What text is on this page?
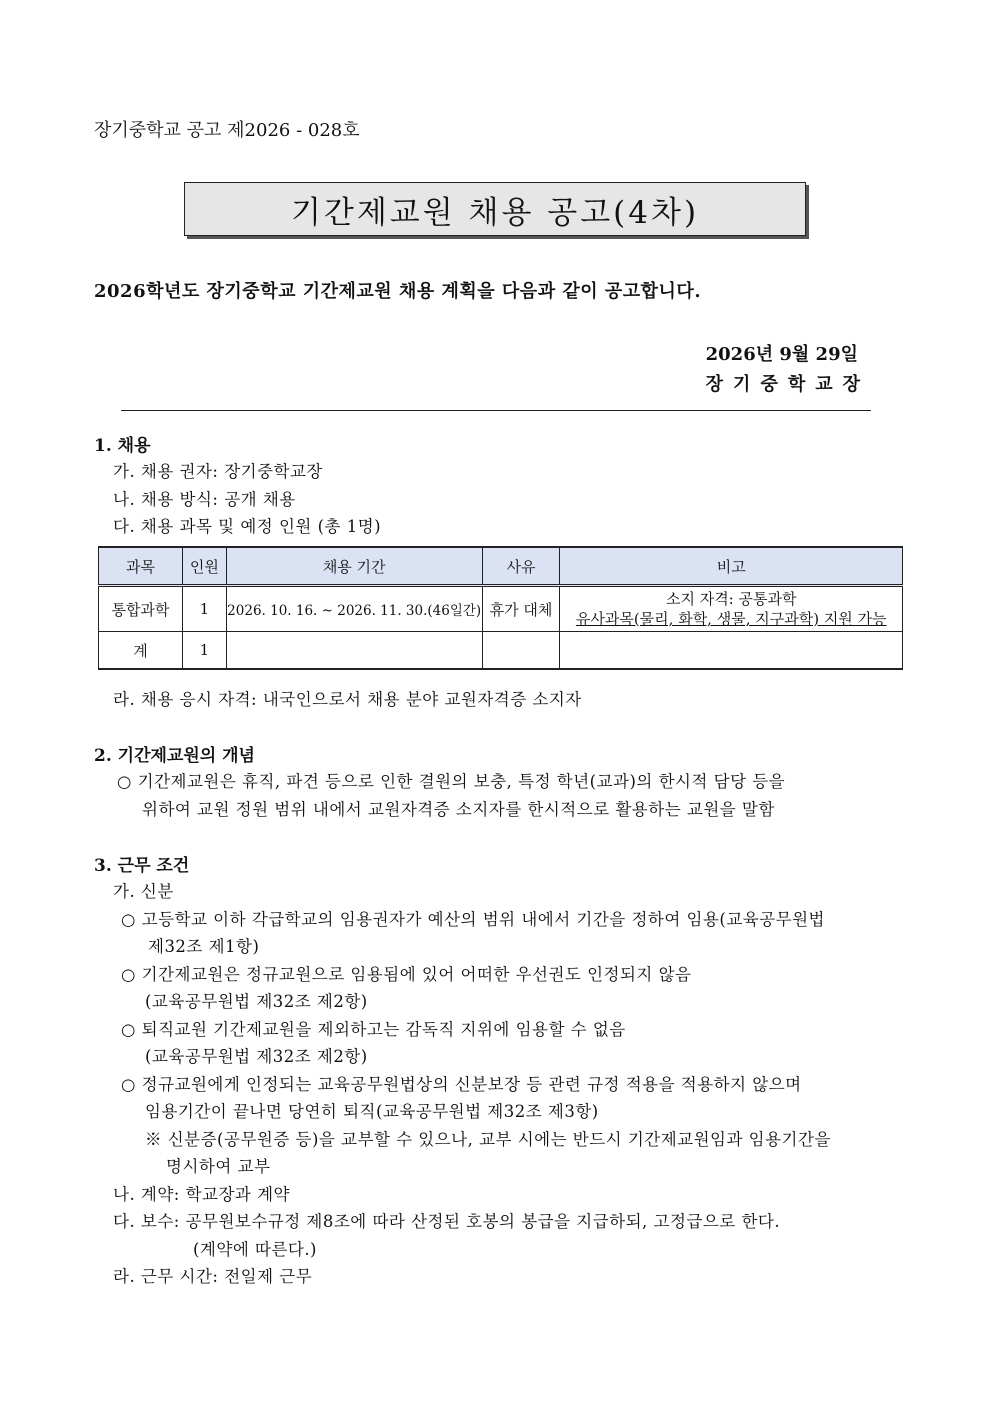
장기중학교 공고 제2026 - 028호
기간제교원 채용 공고(4차)
2026학년도 장기중학교 기간제교원 채용 계획을 다음과 같이 공고합니다.
2026년 9월 29일
장기중학교장
1. 채용
가. 채용 권자: 장기중학교장
나. 채용 방식: 공개 채용
다. 채용 과목 및 예정 인원 (총 1명)
과목	인원	채용 기간	사유	비고
통합과학	1	2026. 10. 16. ~ 2026. 11. 30.(46일간)	휴가 대체	소지 자격: 공통과학
유사과목(물리, 화학, 생물, 지구과학) 지원 가능

계	1			
라. 채용 응시 자격: 내국인으로서 채용 분야 교원자격증 소지자
2. 기간제교원의 개념
○ 기간제교원은 휴직, 파견 등으로 인한 결원의 보충, 특정 학년(교과)의 한시적 담당 등을
위하여 교원 정원 범위 내에서 교원자격증 소지자를 한시적으로 활용하는 교원을 말함
3. 근무 조건
가. 신분
○ 고등학교 이하 각급학교의 임용권자가 예산의 범위 내에서 기간을 정하여 임용(교육공무원법
제32조 제1항)
○ 기간제교원은 정규교원으로 임용됨에 있어 어떠한 우선권도 인정되지 않음
(교육공무원법 제32조 제2항)
○ 퇴직교원 기간제교원을 제외하고는 감독직 지위에 임용할 수 없음
(교육공무원법 제32조 제2항)
○ 정규교원에게 인정되는 교육공무원법상의 신분보장 등 관련 규정 적용을 적용하지 않으며
임용기간이 끝나면 당연히 퇴직(교육공무원법 제32조 제3항)
※ 신분증(공무원증 등)을 교부할 수 있으나, 교부 시에는 반드시 기간제교원임과 임용기간을
명시하여 교부
나. 계약: 학교장과 계약
다. 보수: 공무원보수규정 제8조에 따라 산정된 호봉의 봉급을 지급하되, 고정급으로 한다.
(계약에 따른다.)
라. 근무 시간: 전일제 근무
